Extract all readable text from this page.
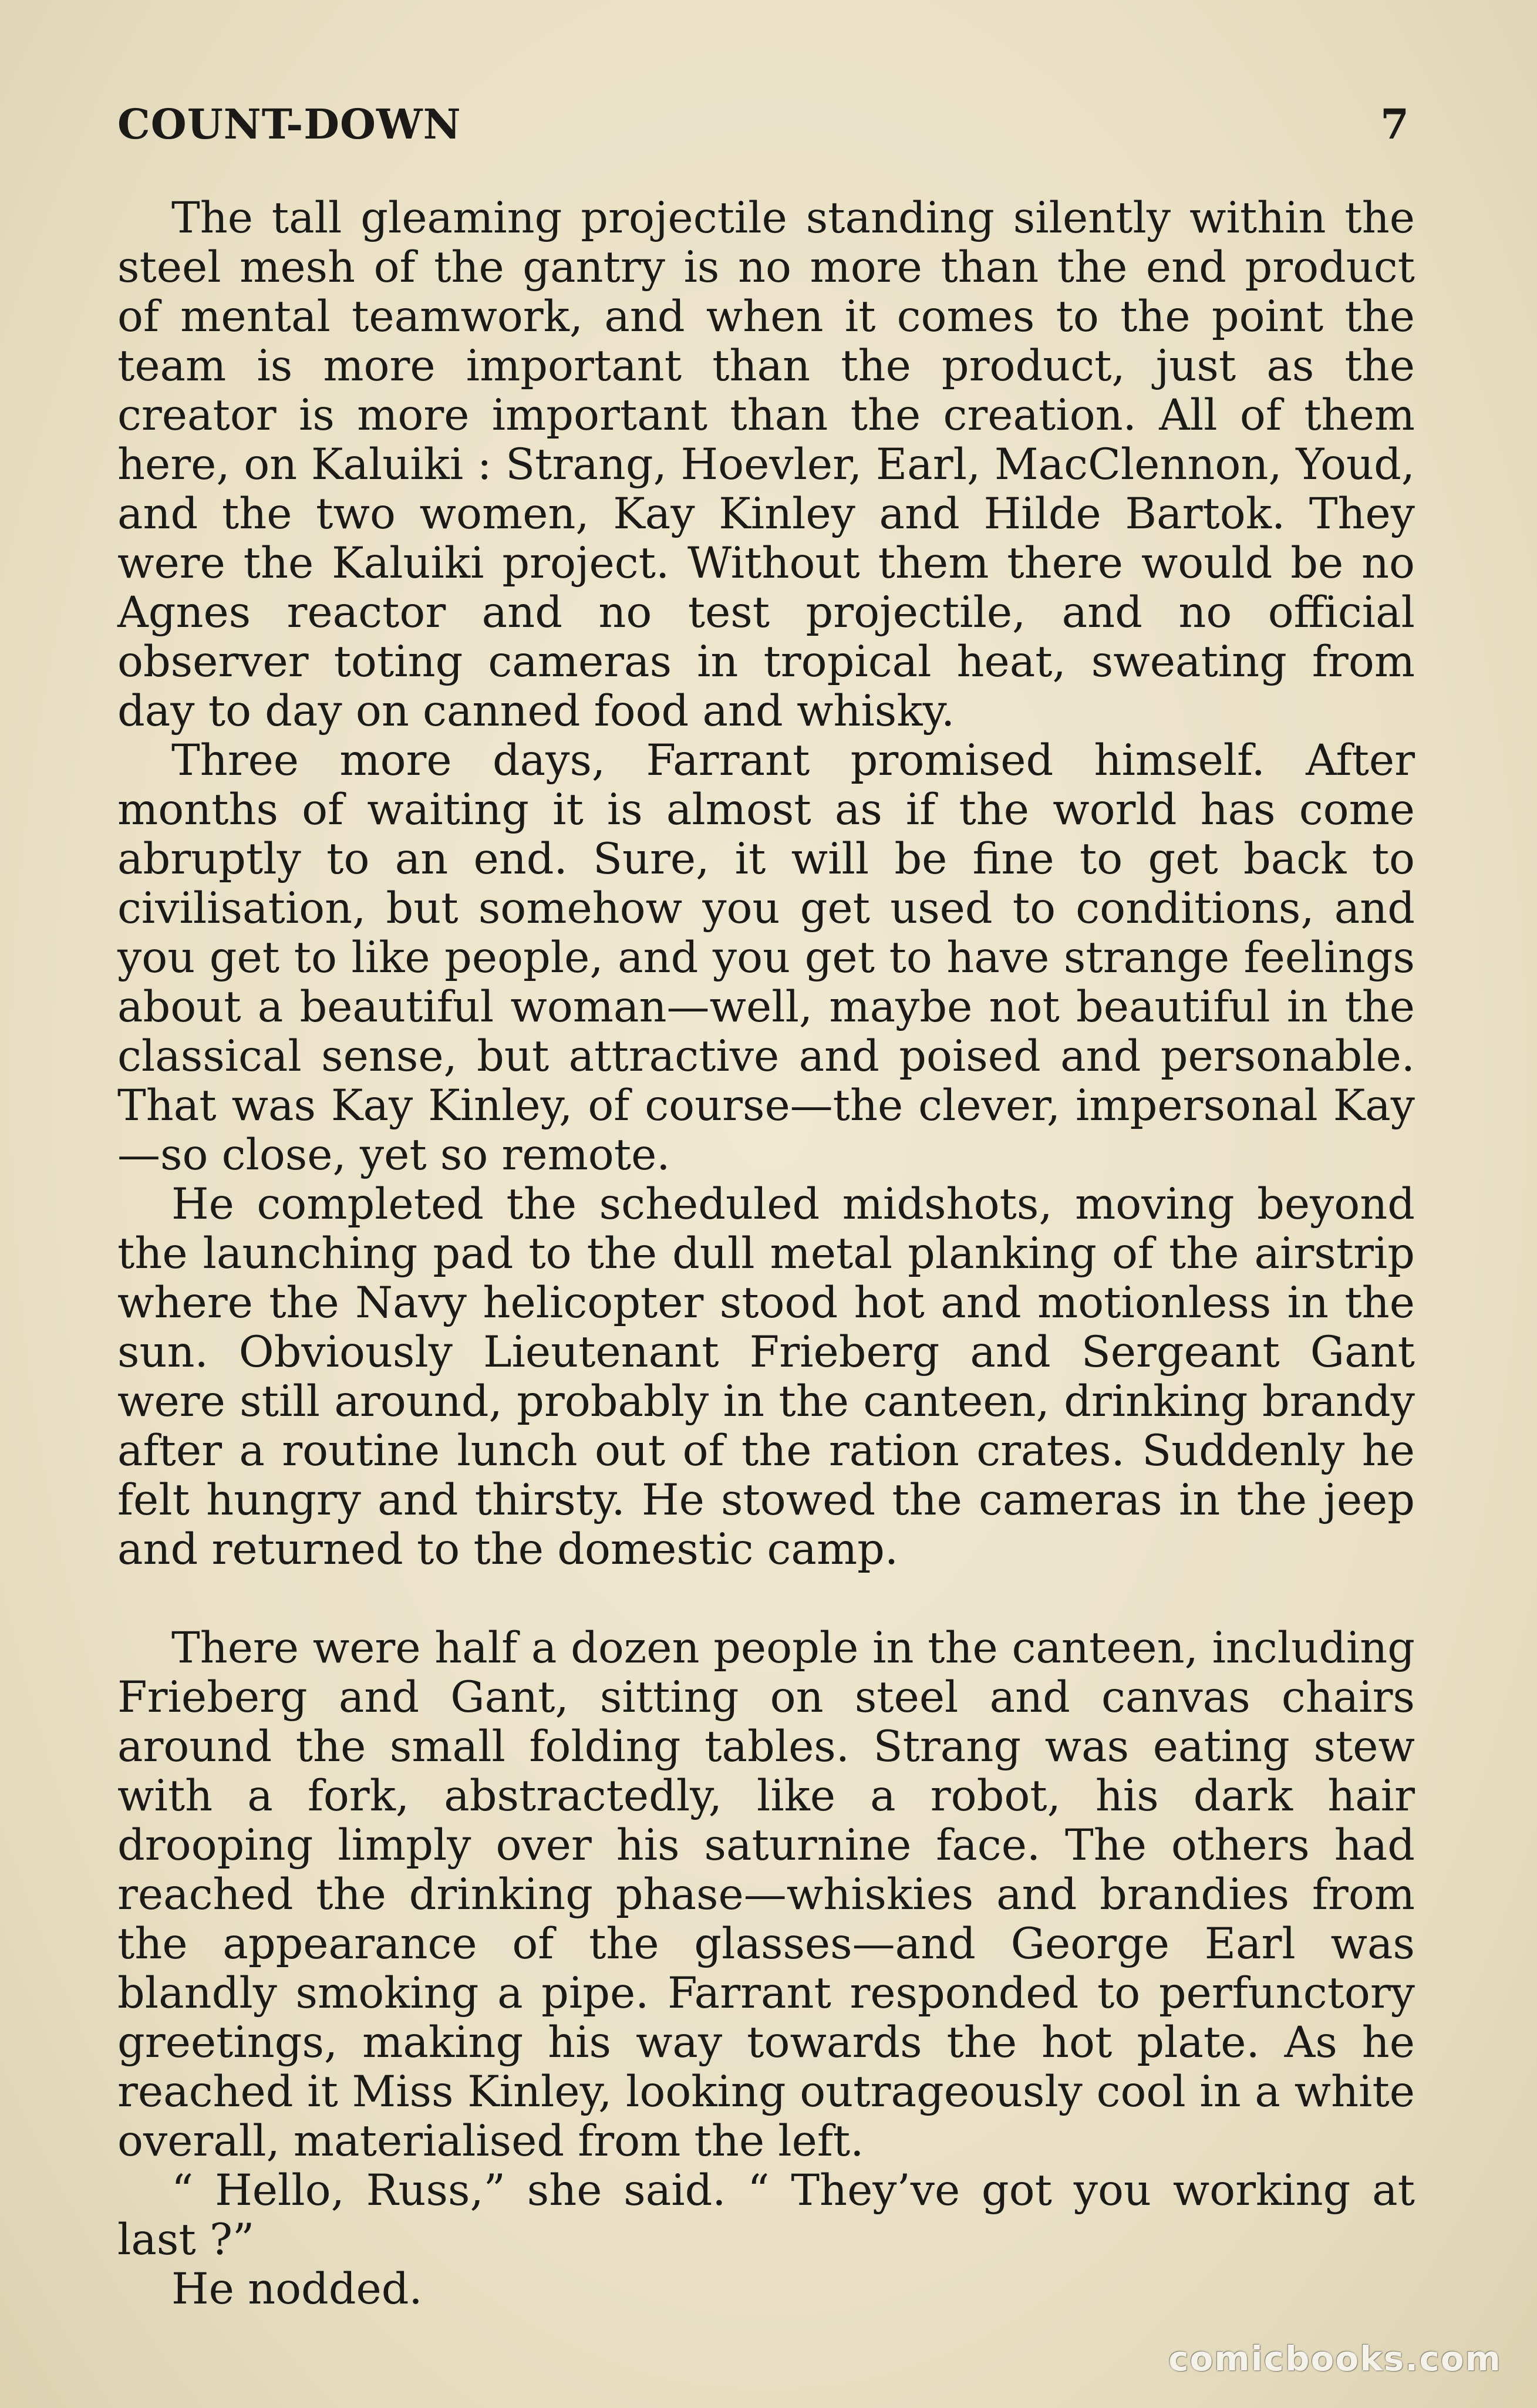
COUNT-DOWN	7

The tall gleaming projectile standing silently within the steel mesh of the gantry is no more than the end product of mental teamwork, and when it comes to the point the team is more important than the product, just as the creator is more important than the creation. All of them here, on Kaluiki : Strang, Hoevler, Earl, MacClennon, Youd, and the two women, Kay Kinley and Hilde Bartok. They were the Kaluiki project. Without them there would be no Agnes reactor and no test projectile, and no official observer toting cameras in tropical heat, sweating from day to day on canned food and whisky.

Three more days, Farrant promised himself. After months of waiting it is almost as if the world has come abruptly to an end. Sure, it will be fine to get back to civilisation, but somehow you get used to conditions, and you get to like people, and you get to have strange feelings about a beautiful woman—well, maybe not beautiful in the classical sense, but attractive and poised and personable. That was Kay Kinley, of course—the clever, impersonal Kay—so close, yet so remote.

He completed the scheduled midshots, moving beyond the launching pad to the dull metal planking of the airstrip where the Navy helicopter stood hot and motionless in the sun. Obviously Lieutenant Frieberg and Sergeant Gant were still around, probably in the canteen, drinking brandy after a routine lunch out of the ration crates. Suddenly he felt hungry and thirsty. He stowed the cameras in the jeep and returned to the domestic camp.

There were half a dozen people in the canteen, including Frieberg and Gant, sitting on steel and canvas chairs around the small folding tables. Strang was eating stew with a fork, abstractedly, like a robot, his dark hair drooping limply over his saturnine face. The others had reached the drinking phase—whiskies and brandies from the appearance of the glasses—and George Earl was blandly smoking a pipe. Farrant responded to perfunctory greetings, making his way towards the hot plate. As he reached it Miss Kinley, looking outrageously cool in a white overall, materialised from the left.

“ Hello, Russ,” she said. “ They’ve got you working at last ?”

He nodded.

comicbooks.com
